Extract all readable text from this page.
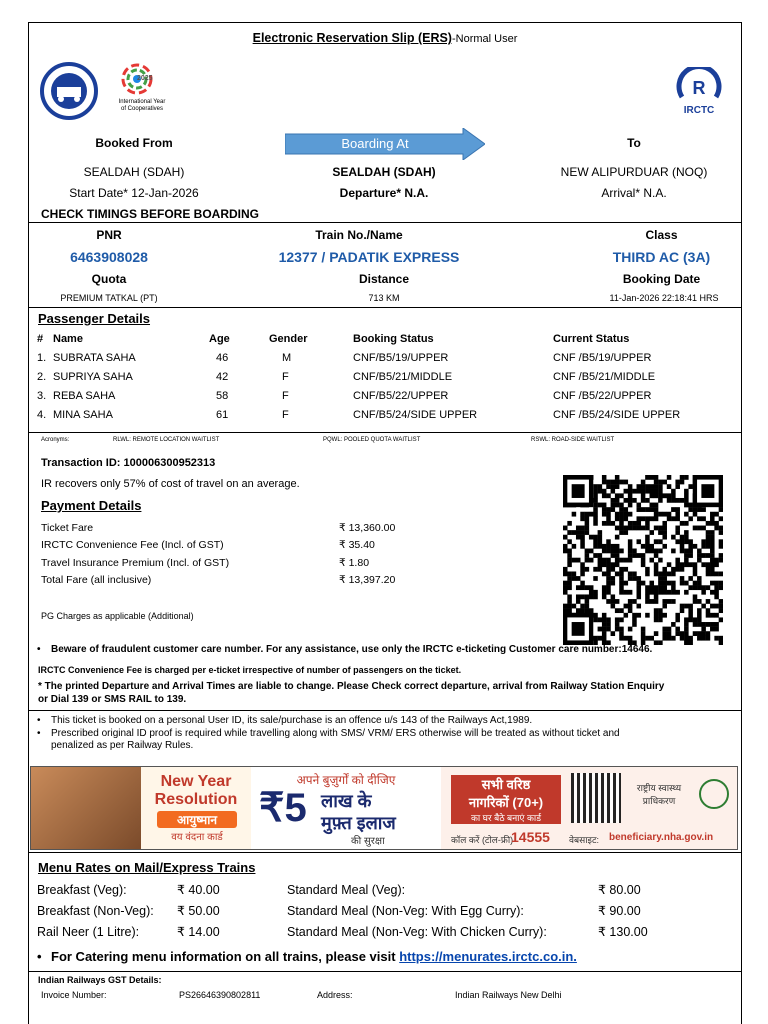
Electronic Reservation Slip (ERS)-Normal User
2025
International Year
of Cooperatives
R
IRCTC
Booked From	Boarding At	To
SEALDAH (SDAH)	SEALDAH (SDAH)	NEW ALIPURDUAR (NOQ)
Start Date* 12-Jan-2026	Departure* N.A.	Arrival* N.A.
CHECK TIMINGS BEFORE BOARDING
PNR	Train No./Name	Class
6463908028	12377 / PADATIK EXPRESS	THIRD AC (3A)
Quota	Distance	Booking Date
PREMIUM TATKAL (PT)	713 KM	11-Jan-2026 22:18:41 HRS
Passenger Details
#	Name	Age	Gender	Booking Status	Current Status
1.	SUBRATA SAHA	46	M	CNF/B5/19/UPPER	CNF /B5/19/UPPER
2.	SUPRIYA SAHA	42	F	CNF/B5/21/MIDDLE	CNF /B5/21/MIDDLE
3.	REBA SAHA	58	F	CNF/B5/22/UPPER	CNF /B5/22/UPPER
4.	MINA SAHA	61	F	CNF/B5/24/SIDE UPPER	CNF /B5/24/SIDE UPPER
Acronyms:	RLWL: REMOTE LOCATION WAITLIST	PQWL: POOLED QUOTA WAITLIST	RSWL: ROAD-SIDE WAITLIST
Transaction ID: 100006300952313
IR recovers only 57% of cost of travel on an average.
Payment Details
Ticket Fare	₹ 13,360.00
IRCTC Convenience Fee (Incl. of GST)	₹ 35.40
Travel Insurance Premium (Incl. of GST)	₹ 1.80
Total Fare (all inclusive)	₹ 13,397.20
PG Charges as applicable (Additional)
• Beware of fraudulent customer care number. For any assistance, use only the IRCTC e-ticketing Customer care number:14646.
IRCTC Convenience Fee is charged per e-ticket irrespective of number of passengers on the ticket.
* The printed Departure and Arrival Times are liable to change. Please Check correct departure, arrival from Railway Station Enquiry
or Dial 139 or SMS RAIL to 139.
• This ticket is booked on a personal User ID, its sale/purchase is an offence u/s 143 of the Railways Act,1989.
• Prescribed original ID proof is required while travelling along with SMS/ VRM/ ERS otherwise will be treated as without ticket and
penalized as per Railway Rules.
New Year
Resolution
आयुष्मान
वय वंदना कार्ड
अपने बुज़ुर्गों को दीजिए
₹5 लाख के
मुफ़्त इलाज
की सुरक्षा
सभी वरिष्ठ
नागरिकों (70+)
का घर बैठे बनाएं कार्ड
राष्ट्रीय स्वास्थ्य प्राधिकरण
कॉल करें (टोल-फ्री)
14555 वेबसाइट: beneficiary.nha.gov.in
Menu Rates on Mail/Express Trains
Breakfast (Veg):	₹ 40.00
Breakfast (Non-Veg):	₹ 50.00
Rail Neer (1 Litre):	₹ 14.00
Standard Meal (Veg):	₹ 80.00
Standard Meal (Non-Veg: With Egg Curry):	₹ 90.00
Standard Meal (Non-Veg: With Chicken Curry):	₹ 130.00
• For Catering menu information on all trains, please visit https://menurates.irctc.co.in.
Indian Railways GST Details:
Invoice Number:	PS26646390802811	Address:	Indian Railways New Delhi
